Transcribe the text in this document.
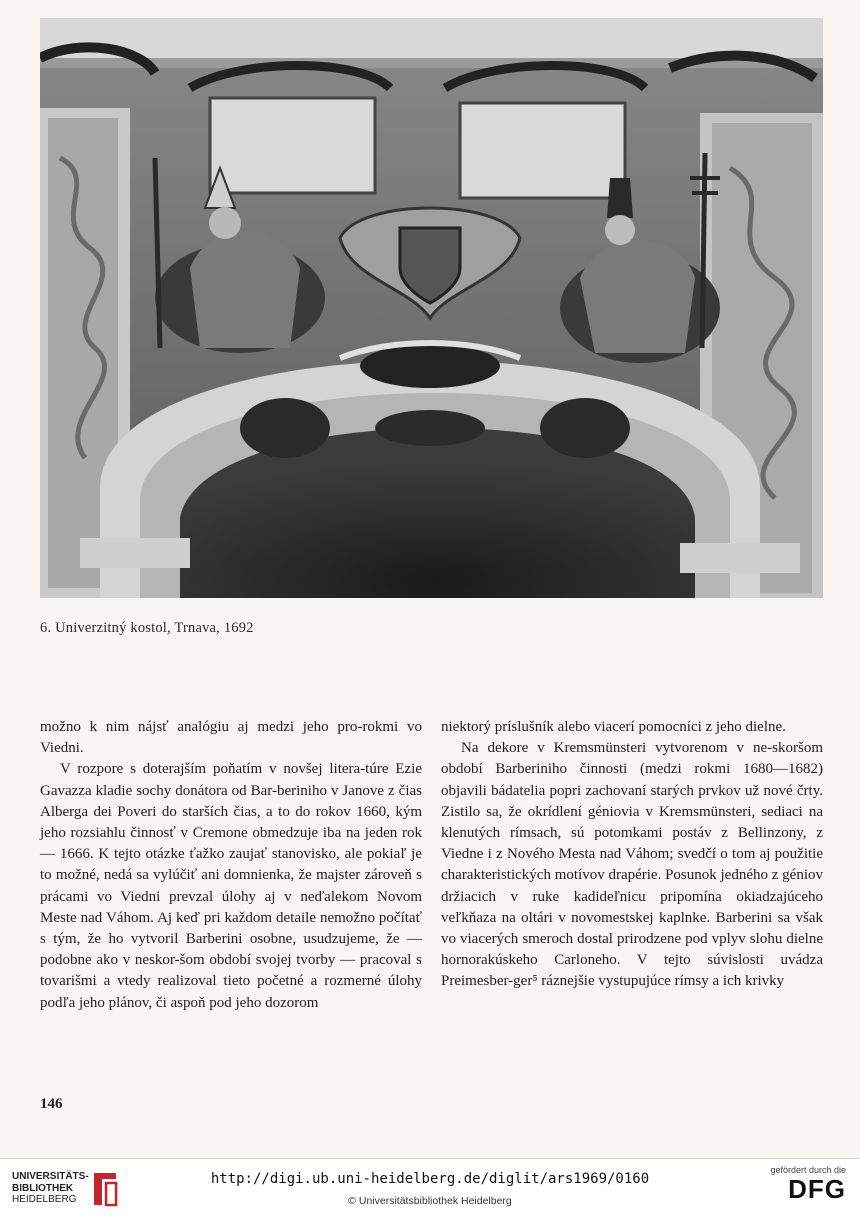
6. Univerzitný kostol, Trnava, 1692

možno k nim nájsť analógiu aj medzi jeho pro-rokmi vo Viedni.

V rozpore s doterajším poňatím v novšej litera-túre Ezie Gavazza kladie sochy donátora od Bar-beriniho v Janove z čias Alberga dei Poveri do starších čias, a to do rokov 1660, kým jeho rozsiahlu činnosť v Cremone obmedzuje iba na jeden rok — 1666. K tejto otázke ťažko zaujať stanovisko, ale pokiaľ je to možné, nedá sa vylúčiť ani domnienka, že majster zároveň s prácami vo Viedni prevzal úlohy aj v neďalekom Novom Meste nad Váhom. Aj keď pri každom detaile nemožno počítať s tým, že ho vytvoril Barberini osobne, usudzujeme, že — podobne ako v neskor-šom období svojej tvorby — pracoval s tovarišmi a vtedy realizoval tieto početné a rozmerné úlohy podľa jeho plánov, či aspoň pod jeho dozorom

niektorý príslušník alebo viacerí pomocníci z jeho dielne.

Na dekore v Kremsmünsteri vytvorenom v ne-skoršom období Barberiniho činnosti (medzi rokmi 1680—1682) objavili bádatelia popri zachovaní starých prvkov už nové črty. Zistilo sa, že okrídlení géniovia v Kremsmünsteri, sediaci na klenutých rímsach, sú potomkami postáv z Bellinzony, z Viedne i z Nového Mesta nad Váhom; svedčí o tom aj použitie charakteristických motívov drapérie. Posunok jedného z géniov držiacich v ruke kadideľnicu pripomína okiadzajúceho veľkňaza na oltári v novomestskej kaplnke. Barberini sa však vo viacerých smeroch dostal prirodzene pod vplyv slohu dielne hornorakúskeho Carloneho. V tejto súvislosti uvádza Preimesber-ger⁵ ráznejšie vystupujúce rímsy a ich krivky

146
UNIVERSITÄTS-
BIBLIOTHEK
HEIDELBERG
http://digi.ub.uni-heidelberg.de/diglit/ars1969/0160
© Universitätsbibliothek Heidelberg
gefördert durch die
DFG
